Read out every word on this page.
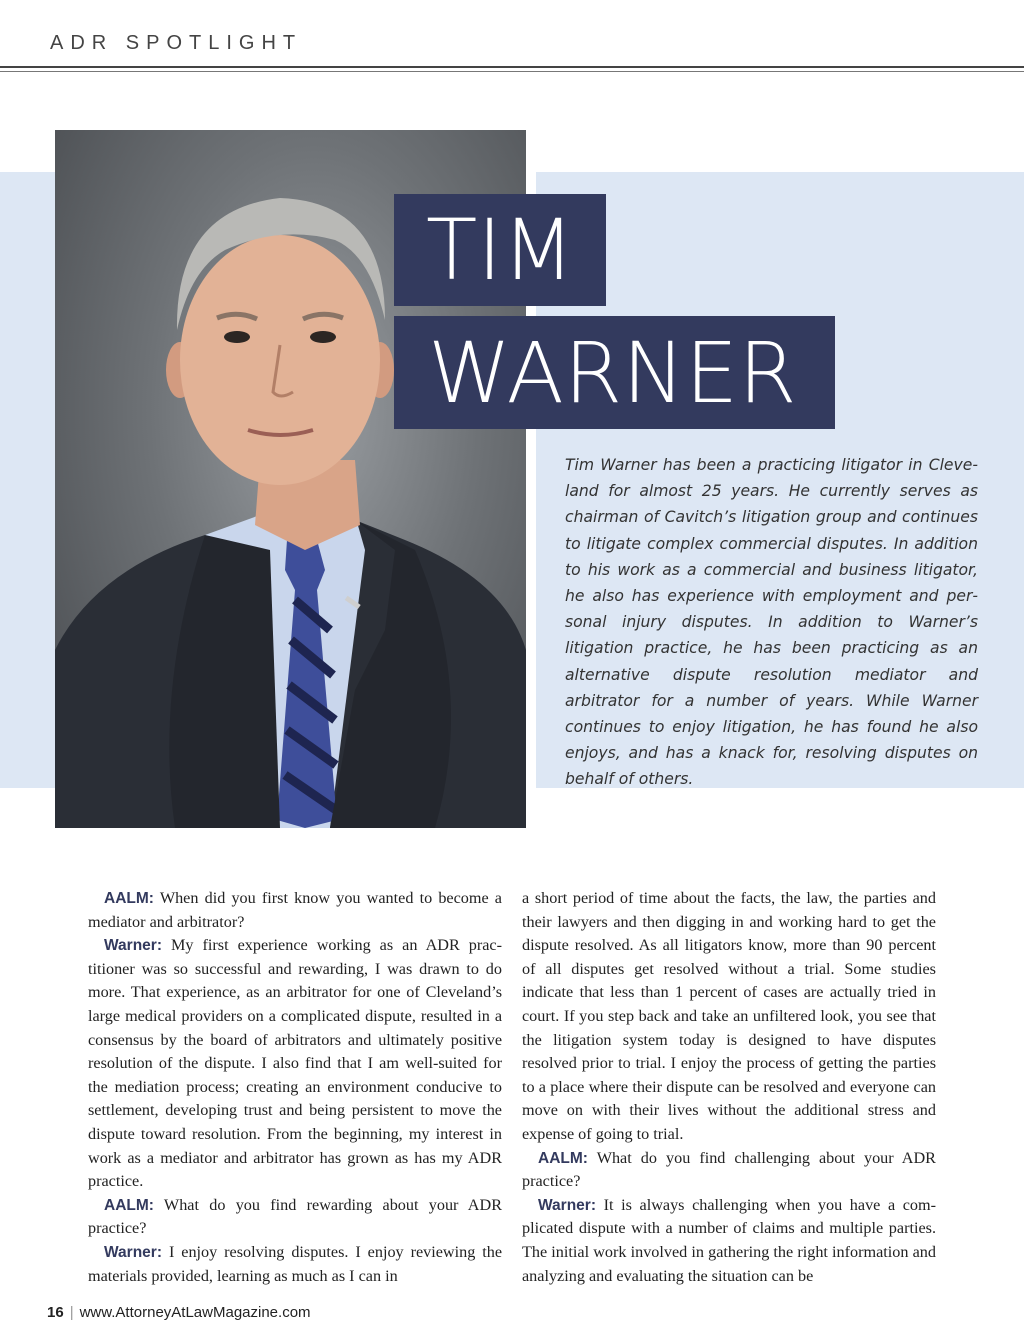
ADR SPOTLIGHT
TIM
WARNER
Tim Warner has been a practicing litigator in Cleveland for almost 25 years. He currently serves as chairman of Cavitch’s litigation group and continues to litigate complex commercial disputes. In addition to his work as a commercial and business litigator, he also has experience with employment and personal injury disputes. In addition to Warner’s litigation practice, he has been practicing as an alternative dispute resolution mediator and arbitrator for a number of years. While Warner continues to enjoy litigation, he has found he also enjoys, and has a knack for, resolving disputes on behalf of others.

AALM: When did you first know you wanted to become a mediator and arbitrator?

Warner: My first experience working as an ADR practitioner was so successful and rewarding, I was drawn to do more. That experience, as an arbitrator for one of Cleveland’s large medical providers on a complicated dispute, resulted in a consensus by the board of arbitrators and ultimately positive resolution of the dispute. I also find that I am well-suited for the mediation process; creating an environment conducive to settlement, developing trust and being persistent to move the dispute toward resolution. From the beginning, my interest in work as a mediator and arbitrator has grown as has my ADR practice.

AALM: What do you find rewarding about your ADR practice?

Warner: I enjoy resolving disputes. I enjoy reviewing the materials provided, learning as much as I can in

a short period of time about the facts, the law, the parties and their lawyers and then digging in and working hard to get the dispute resolved. As all litigators know, more than 90 percent of all disputes get resolved without a trial. Some studies indicate that less than 1 percent of cases are actually tried in court. If you step back and take an unfiltered look, you see that the litigation system today is designed to have disputes resolved prior to trial. I enjoy the process of getting the parties to a place where their dispute can be resolved and everyone can move on with their lives without the additional stress and expense of going to trial.

AALM: What do you find challenging about your ADR practice?

Warner: It is always challenging when you have a complicated dispute with a number of claims and multiple parties. The initial work involved in gathering the right information and analyzing and evaluating the situation can be

16 | www.AttorneyAtLawMagazine.com
